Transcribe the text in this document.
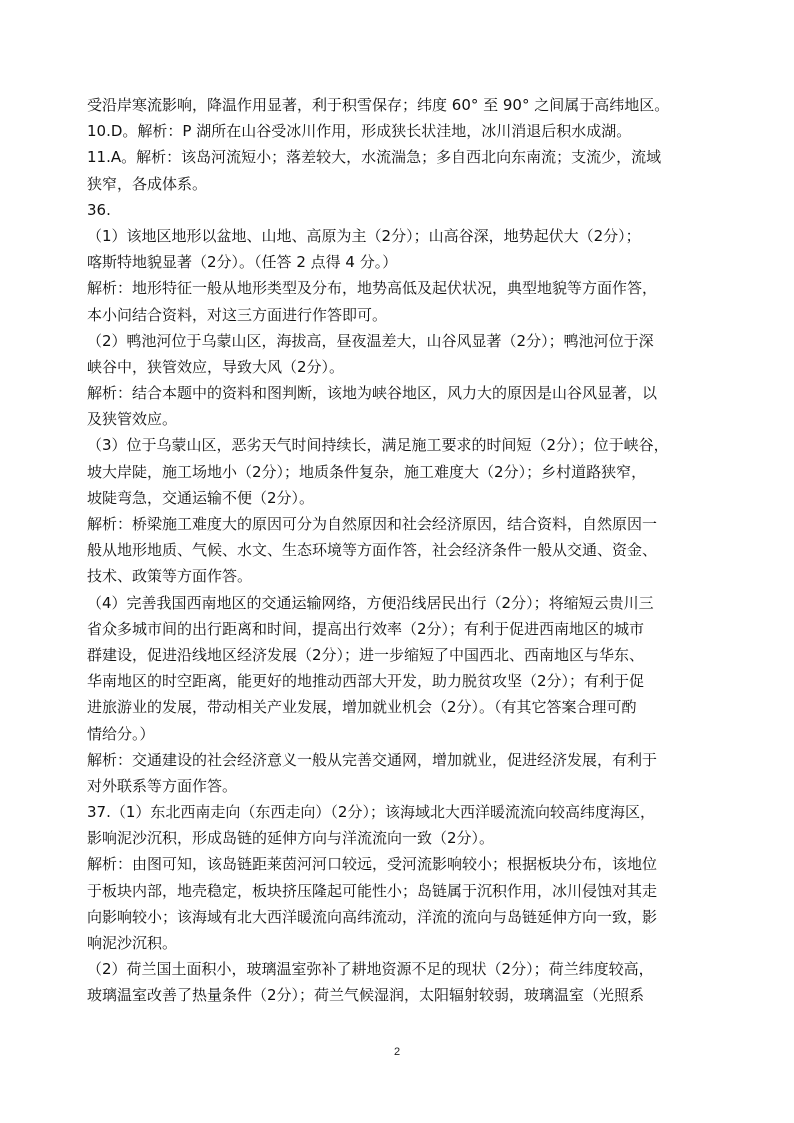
受沿岸寒流影响，降温作用显著，利于积雪保存；纬度 60° 至 90° 之间属于高纬地区。
10.D。解析：P 湖所在山谷受冰川作用，形成狭长状洼地，冰川消退后积水成湖。
11.A。解析：该岛河流短小；落差较大，水流湍急；多自西北向东南流；支流少，流域
狭窄，各成体系。
36.
（1）该地区地形以盆地、山地、高原为主（2分）；山高谷深，地势起伏大（2分）；
喀斯特地貌显著（2分）。（任答 2 点得 4 分。）
解析：地形特征一般从地形类型及分布，地势高低及起伏状况，典型地貌等方面作答，
本小问结合资料，对这三方面进行作答即可。
（2）鸭池河位于乌蒙山区，海拔高，昼夜温差大，山谷风显著（2分）；鸭池河位于深
峡谷中，狭管效应，导致大风（2分）。
解析：结合本题中的资料和图判断，该地为峡谷地区，风力大的原因是山谷风显著，以
及狭管效应。
（3）位于乌蒙山区，恶劣天气时间持续长，满足施工要求的时间短（2分）；位于峡谷，
坡大岸陡，施工场地小（2分）；地质条件复杂，施工难度大（2分）；乡村道路狭窄，
坡陡弯急，交通运输不便（2分）。
解析：桥梁施工难度大的原因可分为自然原因和社会经济原因，结合资料，自然原因一
般从地形地质、气候、水文、生态环境等方面作答，社会经济条件一般从交通、资金、
技术、政策等方面作答。
（4）完善我国西南地区的交通运输网络，方便沿线居民出行（2分）；将缩短云贵川三
省众多城市间的出行距离和时间，提高出行效率（2分）；有利于促进西南地区的城市
群建设，促进沿线地区经济发展（2分）；进一步缩短了中国西北、西南地区与华东、
华南地区的时空距离，能更好的地推动西部大开发，助力脱贫攻坚（2分）；有利于促
进旅游业的发展，带动相关产业发展，增加就业机会（2分）。（有其它答案合理可酌
情给分。）
解析：交通建设的社会经济意义一般从完善交通网，增加就业，促进经济发展，有利于
对外联系等方面作答。
37.（1）东北西南走向（东西走向）（2分）；该海域北大西洋暖流流向较高纬度海区，
影响泥沙沉积，形成岛链的延伸方向与洋流流向一致（2分）。
解析：由图可知，该岛链距莱茵河河口较远，受河流影响较小；根据板块分布，该地位
于板块内部，地壳稳定，板块挤压隆起可能性小；岛链属于沉积作用，冰川侵蚀对其走
向影响较小；该海域有北大西洋暖流向高纬流动，洋流的流向与岛链延伸方向一致，影
响泥沙沉积。
（2）荷兰国土面积小，玻璃温室弥补了耕地资源不足的现状（2分）；荷兰纬度较高，
玻璃温室改善了热量条件（2分）；荷兰气候湿润，太阳辐射较弱，玻璃温室（光照系
2
